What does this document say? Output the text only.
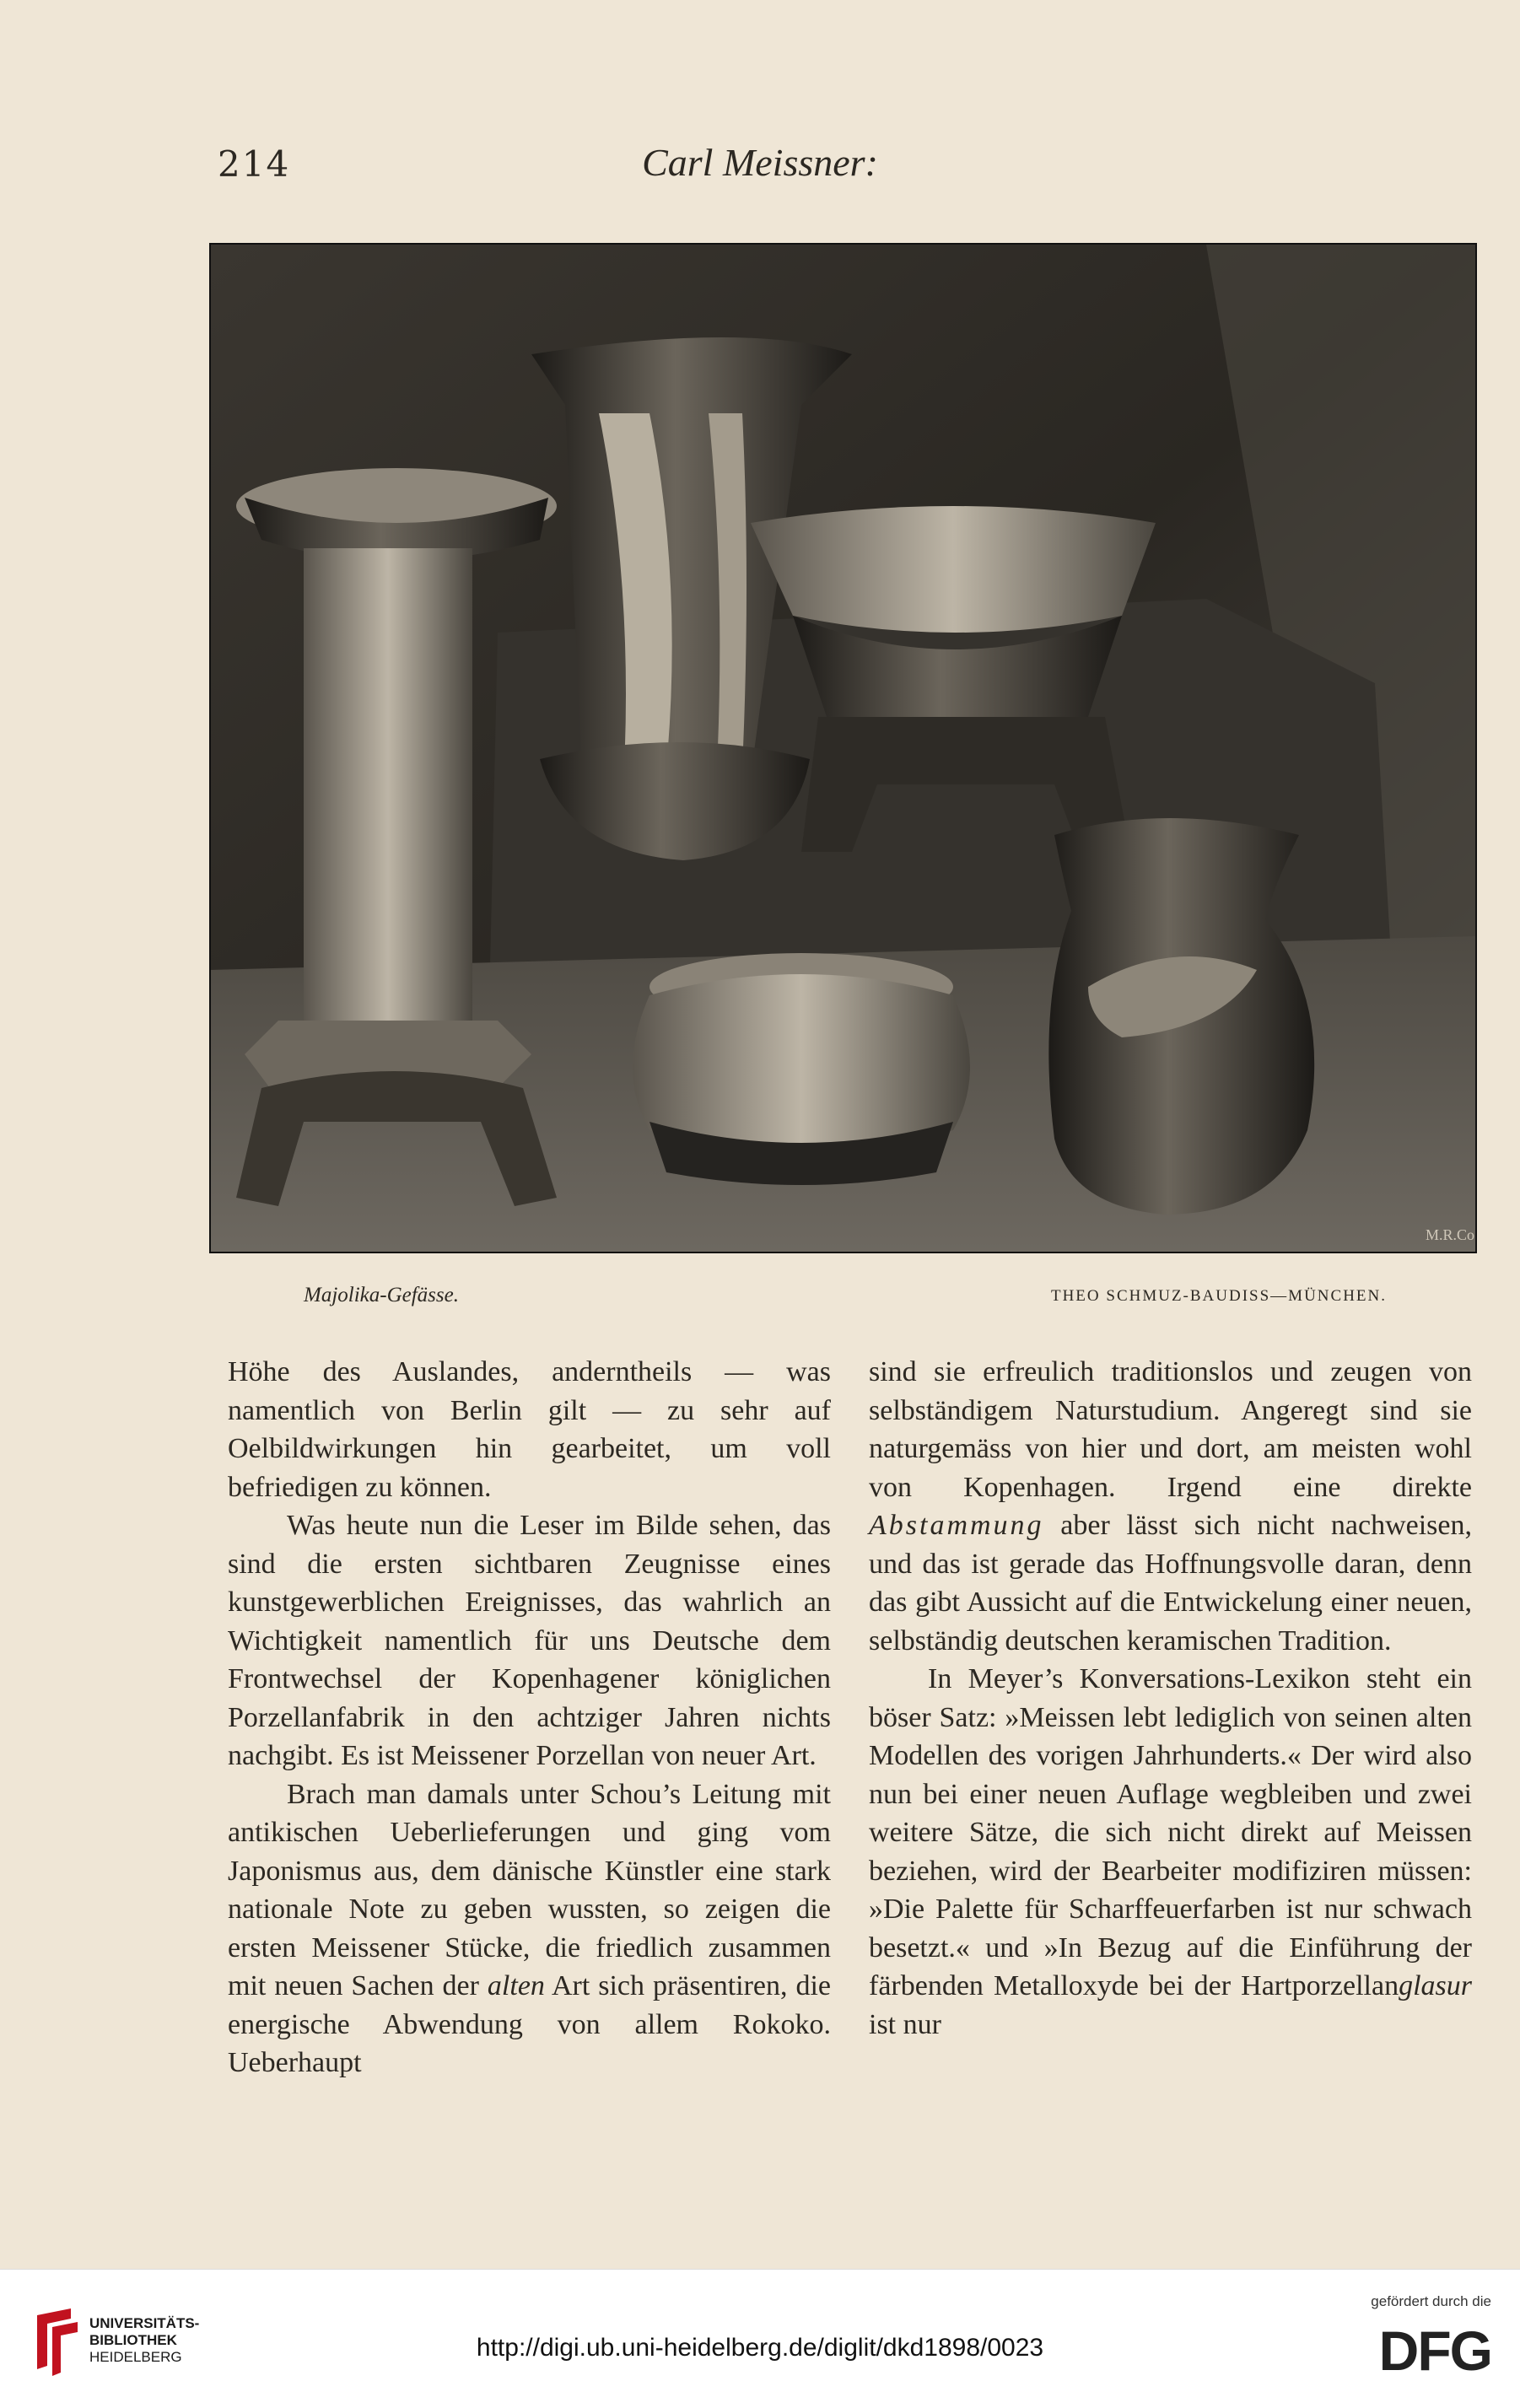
214	Carl Meissner:
M.R.Co
Majolika-Gefässe.	THEO SCHMUZ-BAUDISS—MÜNCHEN.

Höhe des Auslandes, anderntheils — was namentlich von Berlin gilt — zu sehr auf Oelbildwirkungen hin gearbeitet, um voll befriedigen zu können.

Was heute nun die Leser im Bilde sehen, das sind die ersten sichtbaren Zeugnisse eines kunstgewerblichen Ereignisses, das wahrlich an Wichtigkeit namentlich für uns Deutsche dem Frontwechsel der Kopenhagener königlichen Porzellanfabrik in den achtziger Jahren nichts nachgibt. Es ist Meissener Porzellan von neuer Art.

Brach man damals unter Schou’s Leitung mit antikischen Ueberlieferungen und ging vom Japonismus aus, dem dänische Künstler eine stark nationale Note zu geben wussten, so zeigen die ersten Meissener Stücke, die friedlich zusammen mit neuen Sachen der alten Art sich präsentiren, die energische Abwendung von allem Rokoko. Ueberhaupt

sind sie erfreulich traditionslos und zeugen von selbständigem Naturstudium. Angeregt sind sie naturgemäss von hier und dort, am meisten wohl von Kopenhagen. Irgend eine direkte Abstammung aber lässt sich nicht nachweisen, und das ist gerade das Hoffnungsvolle daran, denn das gibt Aussicht auf die Entwickelung einer neuen, selbständig deutschen keramischen Tradition.

In Meyer’s Konversations-Lexikon steht ein böser Satz: »Meissen lebt lediglich von seinen alten Modellen des vorigen Jahrhunderts.« Der wird also nun bei einer neuen Auflage wegbleiben und zwei weitere Sätze, die sich nicht direkt auf Meissen beziehen, wird der Bearbeiter modifiziren müssen: »Die Palette für Scharffeuerfarben ist nur schwach besetzt.« und »In Bezug auf die Einführung der färbenden Metalloxyde bei der Hartporzellanglasur ist nur

UNIVERSITÄTS-
BIBLIOTHEK
HEIDELBERG	http://digi.ub.uni-heidelberg.de/diglit/dkd1898/0023
gefördert durch die
DFG
